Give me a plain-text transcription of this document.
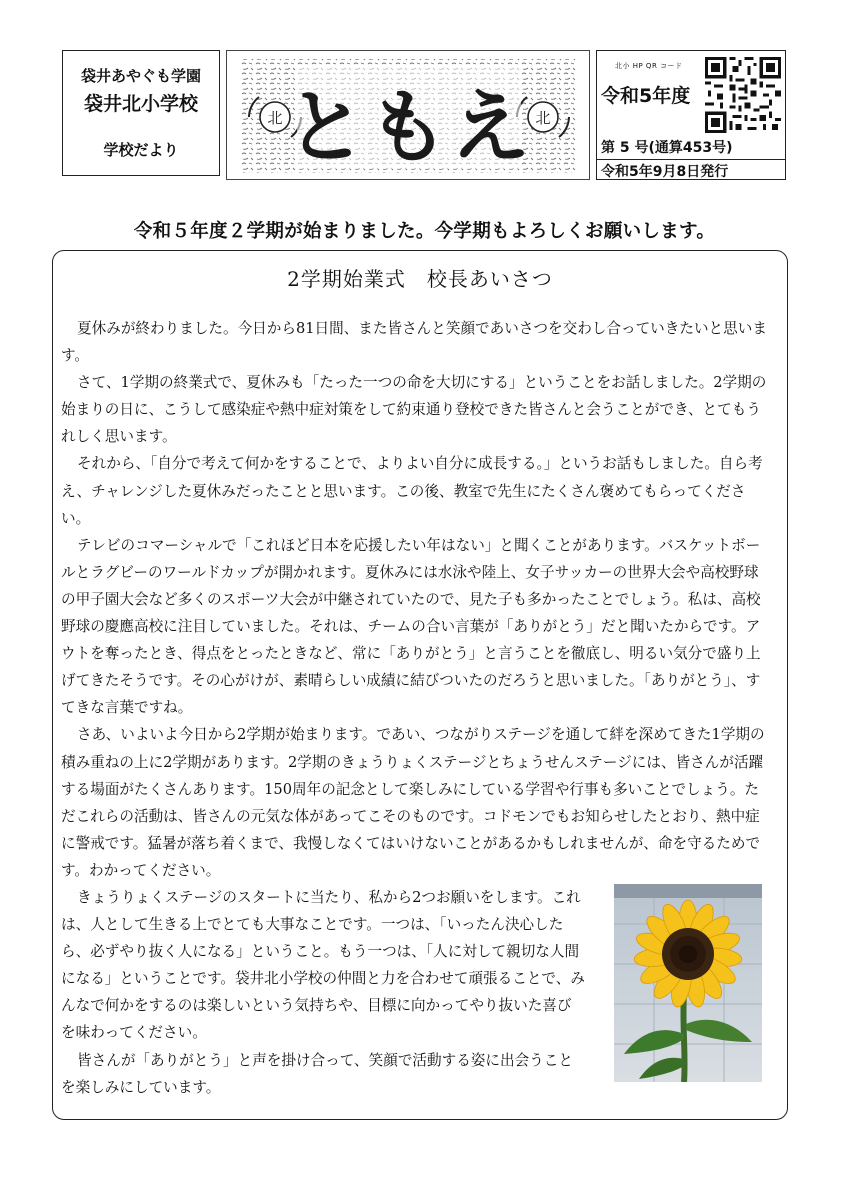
袋井あやぐも学園
袋井北小学校
学校だより
北	北
ともえ
北小 HP QR コード
令和5年度
第 5 号(通算453号)
令和5年9月8日発行
令和５年度２学期が始まりました。今学期もよろしくお願いします。
2学期始業式　校長あいさつ

夏休みが終わりました。今日から81日間、また皆さんと笑顔であいさつを交わし合っていきたいと思います。

さて、1学期の終業式で、夏休みも「たった一つの命を大切にする」ということをお話しました。2学期の始まりの日に、こうして感染症や熱中症対策をして約束通り登校できた皆さんと会うことができ、とてもうれしく思います。

それから、「自分で考えて何かをすることで、よりよい自分に成長する。」というお話もしました。自ら考え、チャレンジした夏休みだったことと思います。この後、教室で先生にたくさん褒めてもらってください。

テレビのコマーシャルで「これほど日本を応援したい年はない」と聞くことがあります。バスケットボールとラグビーのワールドカップが開かれます。夏休みには水泳や陸上、女子サッカーの世界大会や高校野球の甲子園大会など多くのスポーツ大会が中継されていたので、見た子も多かったことでしょう。私は、高校野球の慶應高校に注目していました。それは、チームの合い言葉が「ありがとう」だと聞いたからです。アウトを奪ったとき、得点をとったときなど、常に「ありがとう」と言うことを徹底し、明るい気分で盛り上げてきたそうです。その心がけが、素晴らしい成績に結びついたのだろうと思いました。「ありがとう」、すてきな言葉ですね。

さあ、いよいよ今日から2学期が始まります。であい、つながりステージを通して絆を深めてきた1学期の積み重ねの上に2学期があります。2学期のきょうりょくステージとちょうせんステージには、皆さんが活躍する場面がたくさんあります。150周年の記念として楽しみにしている学習や行事も多いことでしょう。ただこれらの活動は、皆さんの元気な体があってこそのものです。コドモンでもお知らせしたとおり、熱中症に警戒です。猛暑が落ち着くまで、我慢しなくてはいけないことがあるかもしれませんが、命を守るためです。わかってください。

きょうりょくステージのスタートに当たり、私から2つお願いをします。これは、人として生きる上でとても大事なことです。一つは、「いったん決心したら、必ずやり抜く人になる」ということ。もう一つは、「人に対して親切な人間になる」ということです。袋井北小学校の仲間と力を合わせて頑張ることで、みんなで何かをするのは楽しいという気持ちや、目標に向かってやり抜いた喜びを味わってください。

皆さんが「ありがとう」と声を掛け合って、笑顔で活動する姿に出会うことを楽しみにしています。
